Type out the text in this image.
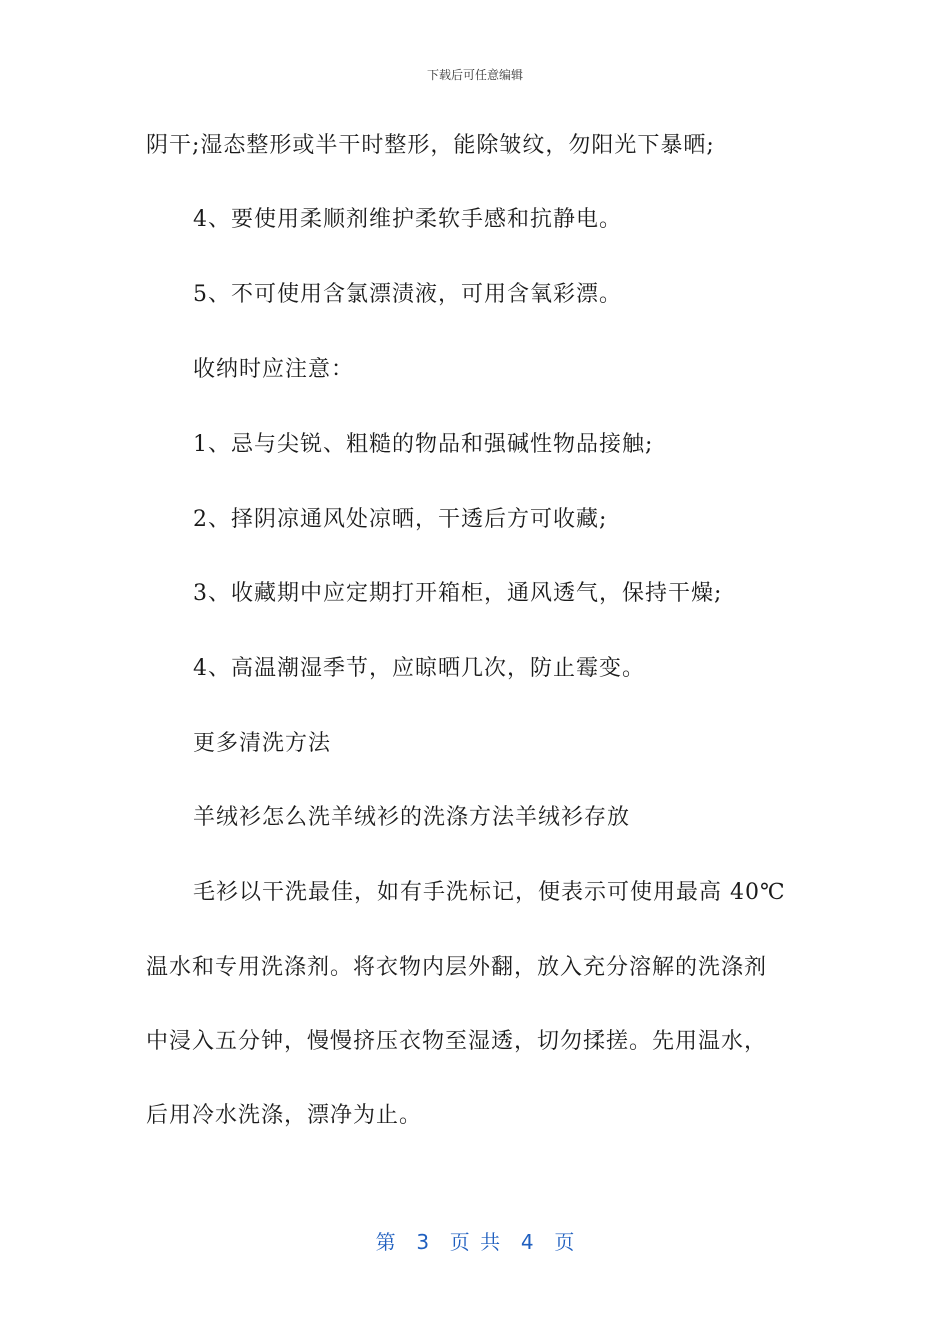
下载后可任意编辑
阴干;湿态整形或半干时整形，能除皱纹，勿阳光下暴晒;
4、要使用柔顺剂维护柔软手感和抗静电。
5、不可使用含氯漂渍液，可用含氧彩漂。
收纳时应注意：
1、忌与尖锐、粗糙的物品和强碱性物品接触;
2、择阴凉通风处凉晒，干透后方可收藏;
3、收藏期中应定期打开箱柜，通风透气，保持干燥;
4、高温潮湿季节，应晾晒几次，防止霉变。
更多清洗方法
羊绒衫怎么洗羊绒衫的洗涤方法羊绒衫存放
毛衫以干洗最佳，如有手洗标记，便表示可使用最高 40℃
温水和专用洗涤剂。将衣物内层外翻，放入充分溶解的洗涤剂
中浸入五分钟，慢慢挤压衣物至湿透，切勿揉搓。先用温水，
后用冷水洗涤，漂净为止。
第  3  页 共  4  页
